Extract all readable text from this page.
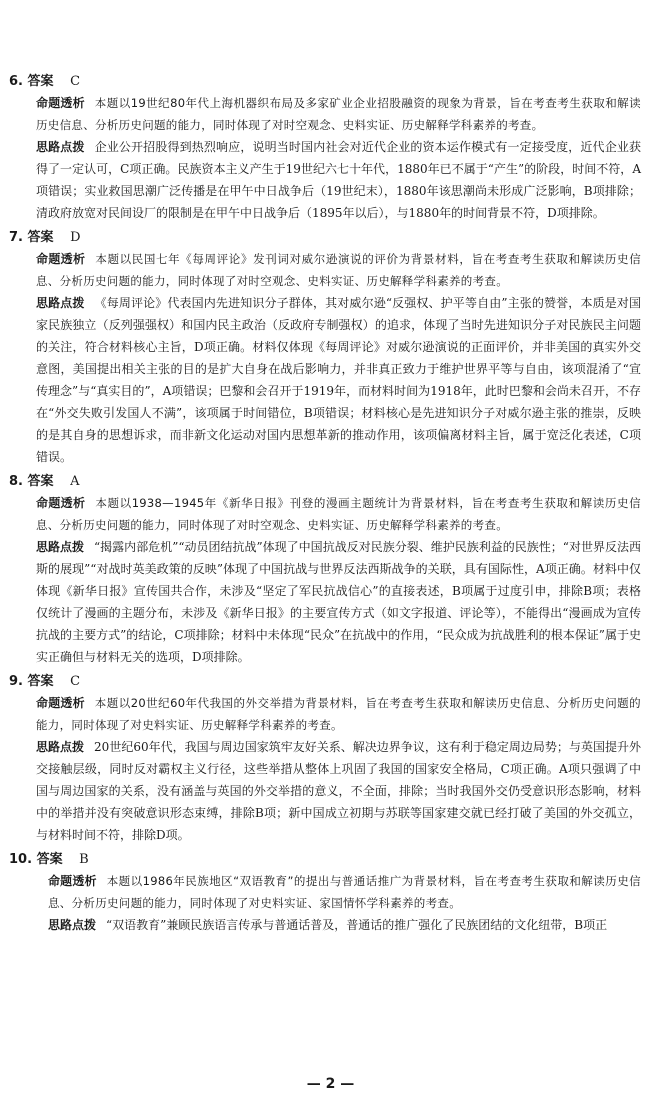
6. 答案 C

命题透析 本题以19世纪80年代上海机器织布局及多家矿业企业招股融资的现象为背景，旨在考查考生获取和解读历史信息、分析历史问题的能力，同时体现了对时空观念、史料实证、历史解释学科素养的考查。

思路点拨 企业公开招股得到热烈响应，说明当时国内社会对近代企业的资本运作模式有一定接受度，近代企业获得了一定认可，C项正确。民族资本主义产生于19世纪六七十年代，1880年已不属于“产生”的阶段，时间不符，A项错误；实业救国思潮广泛传播是在甲午中日战争后（19世纪末），1880年该思潮尚未形成广泛影响，B项排除；清政府放宽对民间设厂的限制是在甲午中日战争后（1895年以后），与1880年的时间背景不符，D项排除。

7. 答案 D

命题透析 本题以民国七年《每周评论》发刊词对威尔逊演说的评价为背景材料，旨在考查考生获取和解读历史信息、分析历史问题的能力，同时体现了对时空观念、史料实证、历史解释学科素养的考查。

思路点拨 《每周评论》代表国内先进知识分子群体，其对威尔逊“反强权、护平等自由”主张的赞誉，本质是对国家民族独立（反列强强权）和国内民主政治（反政府专制强权）的追求，体现了当时先进知识分子对民族民主问题的关注，符合材料核心主旨，D项正确。材料仅体现《每周评论》对威尔逊演说的正面评价，并非美国的真实外交意图，美国提出相关主张的目的是扩大自身在战后影响力，并非真正致力于维护世界平等与自由，该项混淆了“宣传理念”与“真实目的”，A项错误；巴黎和会召开于1919年，而材料时间为1918年，此时巴黎和会尚未召开，不存在“外交失败引发国人不满”，该项属于时间错位，B项错误；材料核心是先进知识分子对威尔逊主张的推崇，反映的是其自身的思想诉求，而非新文化运动对国内思想革新的推动作用，该项偏离材料主旨，属于宽泛化表述，C项错误。

8. 答案 A

命题透析 本题以1938—1945年《新华日报》刊登的漫画主题统计为背景材料，旨在考查考生获取和解读历史信息、分析历史问题的能力，同时体现了对时空观念、史料实证、历史解释学科素养的考查。

思路点拨 “揭露内部危机”“动员团结抗战”体现了中国抗战反对民族分裂、维护民族利益的民族性；“对世界反法西斯的展现”“对战时英美政策的反映”体现了中国抗战与世界反法西斯战争的关联，具有国际性，A项正确。材料中仅体现《新华日报》宣传国共合作，未涉及“坚定了军民抗战信心”的直接表述，B项属于过度引申，排除B项；表格仅统计了漫画的主题分布，未涉及《新华日报》的主要宣传方式（如文字报道、评论等），不能得出“漫画成为宣传抗战的主要方式”的结论，C项排除；材料中未体现“民众”在抗战中的作用，“民众成为抗战胜利的根本保证”属于史实正确但与材料无关的选项，D项排除。

9. 答案 C

命题透析 本题以20世纪60年代我国的外交举措为背景材料，旨在考查考生获取和解读历史信息、分析历史问题的能力，同时体现了对史料实证、历史解释学科素养的考查。

思路点拨 20世纪60年代，我国与周边国家筑牢友好关系、解决边界争议，这有利于稳定周边局势；与英国提升外交接触层级，同时反对霸权主义行径，这些举措从整体上巩固了我国的国家安全格局，C项正确。A项只强调了中国与周边国家的关系，没有涵盖与英国的外交举措的意义，不全面，排除；当时我国外交仍受意识形态影响，材料中的举措并没有突破意识形态束缚，排除B项；新中国成立初期与苏联等国家建交就已经打破了美国的外交孤立，与材料时间不符，排除D项。

10. 答案 B

命题透析 本题以1986年民族地区“双语教育”的提出与普通话推广为背景材料，旨在考查考生获取和解读历史信息、分析历史问题的能力，同时体现了对史料实证、家国情怀学科素养的考查。

思路点拨 “双语教育”兼顾民族语言传承与普通话普及，普通话的推广强化了民族团结的文化纽带，B项正

— 2 —
